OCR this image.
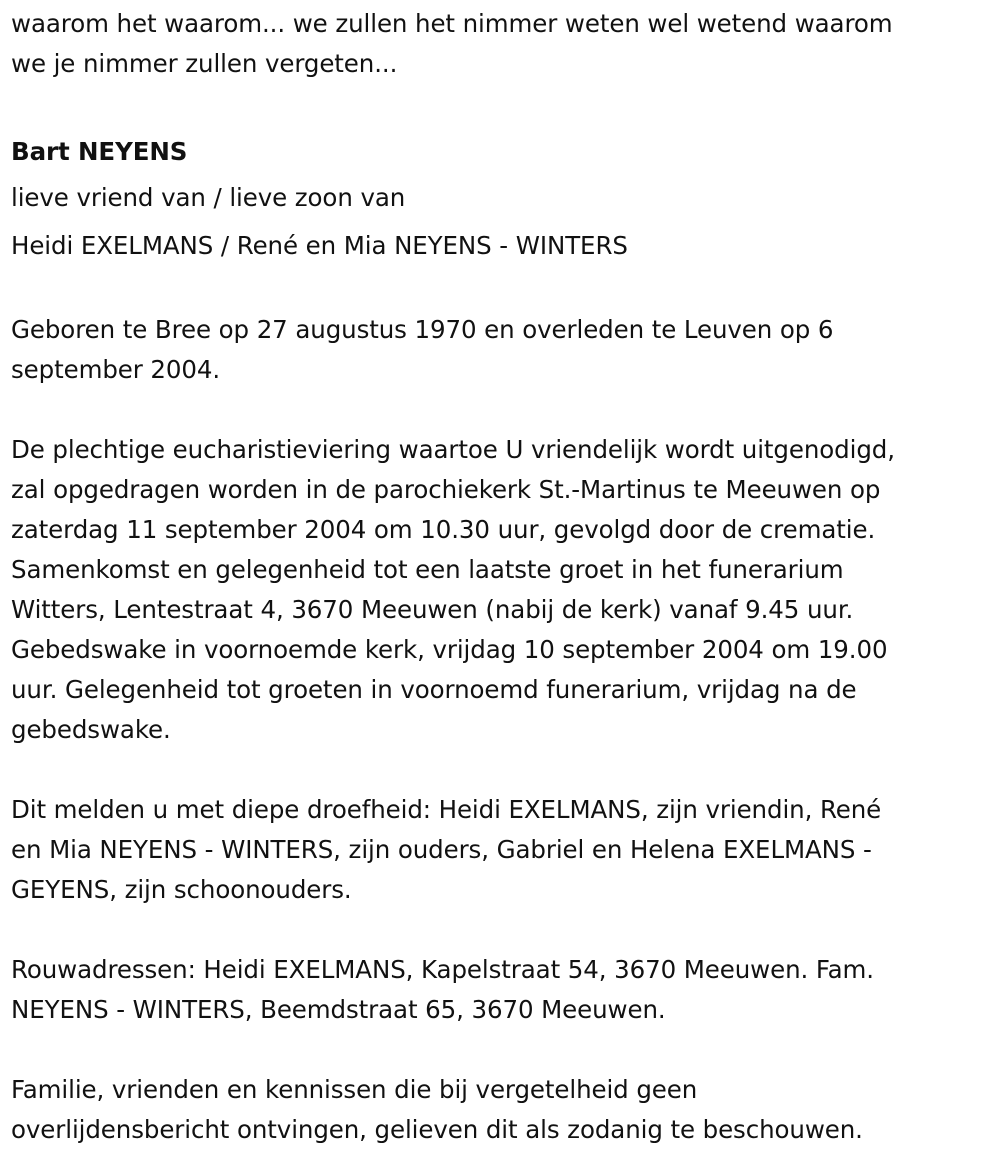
waarom het waarom... we zullen het nimmer weten wel wetend waarom

we je nimmer zullen vergeten...

Bart NEYENS

lieve vriend van / lieve zoon van

Heidi EXELMANS / René en Mia NEYENS - WINTERS

Geboren te Bree op 27 augustus 1970 en overleden te Leuven op 6

september 2004.

De plechtige eucharistieviering waartoe U vriendelijk wordt uitgenodigd,

zal opgedragen worden in de parochiekerk St.-Martinus te Meeuwen op

zaterdag 11 september 2004 om 10.30 uur, gevolgd door de crematie.

Samenkomst en gelegenheid tot een laatste groet in het funerarium

Witters, Lentestraat 4, 3670 Meeuwen (nabij de kerk) vanaf 9.45 uur.

Gebedswake in voornoemde kerk, vrijdag 10 september 2004 om 19.00

uur. Gelegenheid tot groeten in voornoemd funerarium, vrijdag na de

gebedswake.

Dit melden u met diepe droefheid: Heidi EXELMANS, zijn vriendin, René

en Mia NEYENS - WINTERS, zijn ouders, Gabriel en Helena EXELMANS -

GEYENS, zijn schoonouders.

Rouwadressen: Heidi EXELMANS, Kapelstraat 54, 3670 Meeuwen. Fam.

NEYENS - WINTERS, Beemdstraat 65, 3670 Meeuwen.

Familie, vrienden en kennissen die bij vergetelheid geen

overlijdensbericht ontvingen, gelieven dit als zodanig te beschouwen.
